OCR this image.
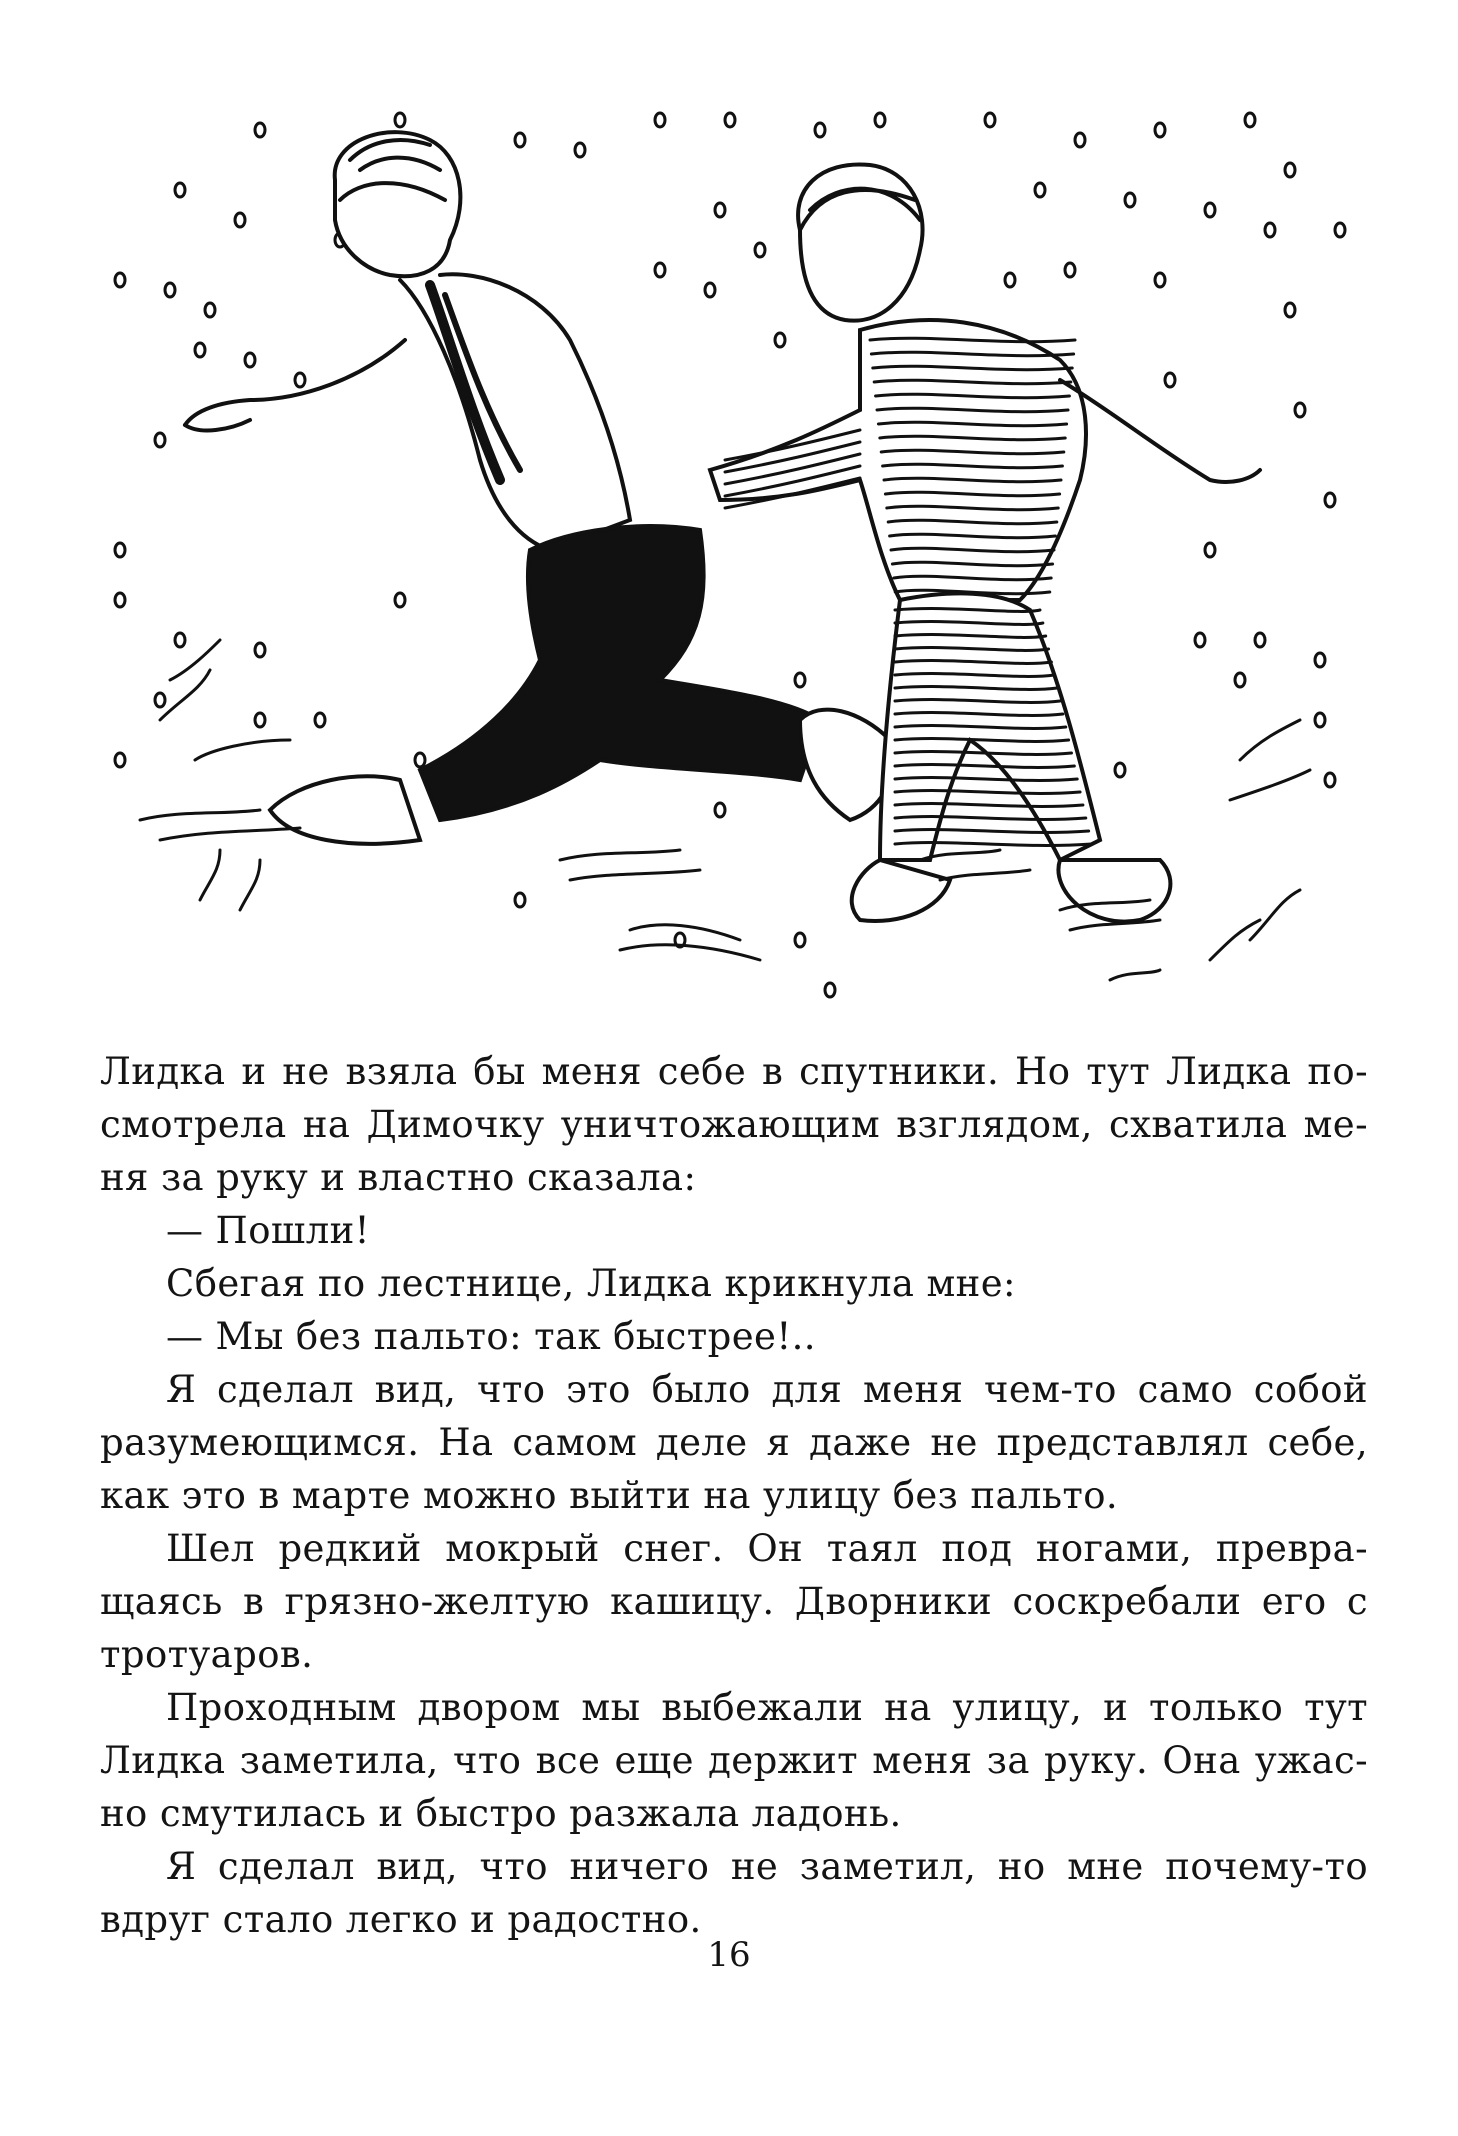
Лидка и не взяла бы меня себе в спутники. Но тут Лидка по-
смотрела на Димочку уничтожающим взглядом, схватила ме-
ня за руку и властно сказала:
— Пошли!
Сбегая по лестнице, Лидка крикнула мне:
— Мы без пальто: так быстрее!..
Я сделал вид, что это было для меня чем-то само собой
разумеющимся. На самом деле я даже не представлял себе,
как это в марте можно выйти на улицу без пальто.
Шел редкий мокрый снег. Он таял под ногами, превра-
щаясь в грязно-желтую кашицу. Дворники соскребали его с
тротуаров.
Проходным двором мы выбежали на улицу, и только тут
Лидка заметила, что все еще держит меня за руку. Она ужас-
но смутилась и быстро разжала ладонь.
Я сделал вид, что ничего не заметил, но мне почему-то
вдруг стало легко и радостно.
16
